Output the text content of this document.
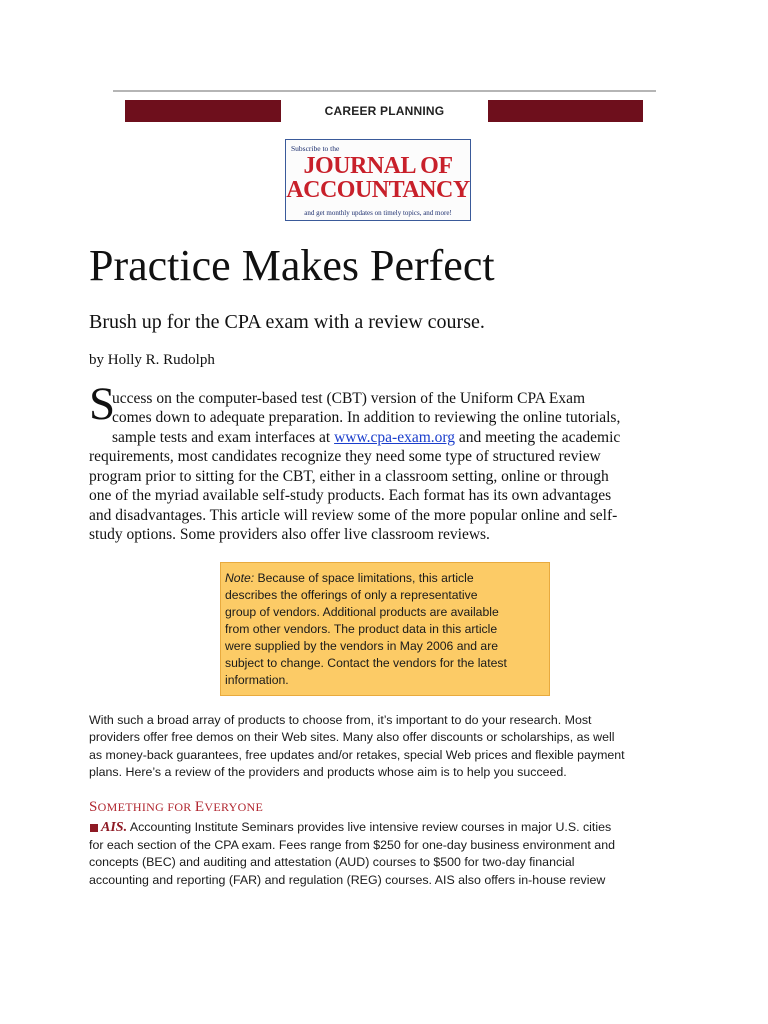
CAREER PLANNING
Subscribe to the
JOURNAL OF
ACCOUNTANCY
and get monthly updates on timely topics, and more!
Practice Makes Perfect
Brush up for the CPA exam with a review course.
by Holly R. Rudolph
S
uccess on the computer-based test (CBT) version of the Uniform CPA Exam
comes down to adequate preparation. In addition to reviewing the online tutorials,
sample tests and exam interfaces at www.cpa-exam.org and meeting the academic
requirements, most candidates recognize they need some type of structured review
program prior to sitting for the CBT, either in a classroom setting, online or through
one of the myriad available self-study products. Each format has its own advantages
and disadvantages. This article will review some of the more popular online and self-
study options. Some providers also offer live classroom reviews.
Note: Because of space limitations, this article
describes the offerings of only a representative
group of vendors. Additional products are available
from other vendors. The product data in this article
were supplied by the vendors in May 2006 and are
subject to change. Contact the vendors for the latest
information.
With such a broad array of products to choose from, it’s important to do your research. Most
providers offer free demos on their Web sites. Many also offer discounts or scholarships, as well
as money-back guarantees, free updates and/or retakes, special Web prices and flexible payment
plans. Here’s a review of the providers and products whose aim is to help you succeed.
SOMETHING FOR EVERYONE
AIS. Accounting Institute Seminars provides live intensive review courses in major U.S. cities
for each section of the CPA exam. Fees range from $250 for one-day business environment and
concepts (BEC) and auditing and attestation (AUD) courses to $500 for two-day financial
accounting and reporting (FAR) and regulation (REG) courses. AIS also offers in-house review
